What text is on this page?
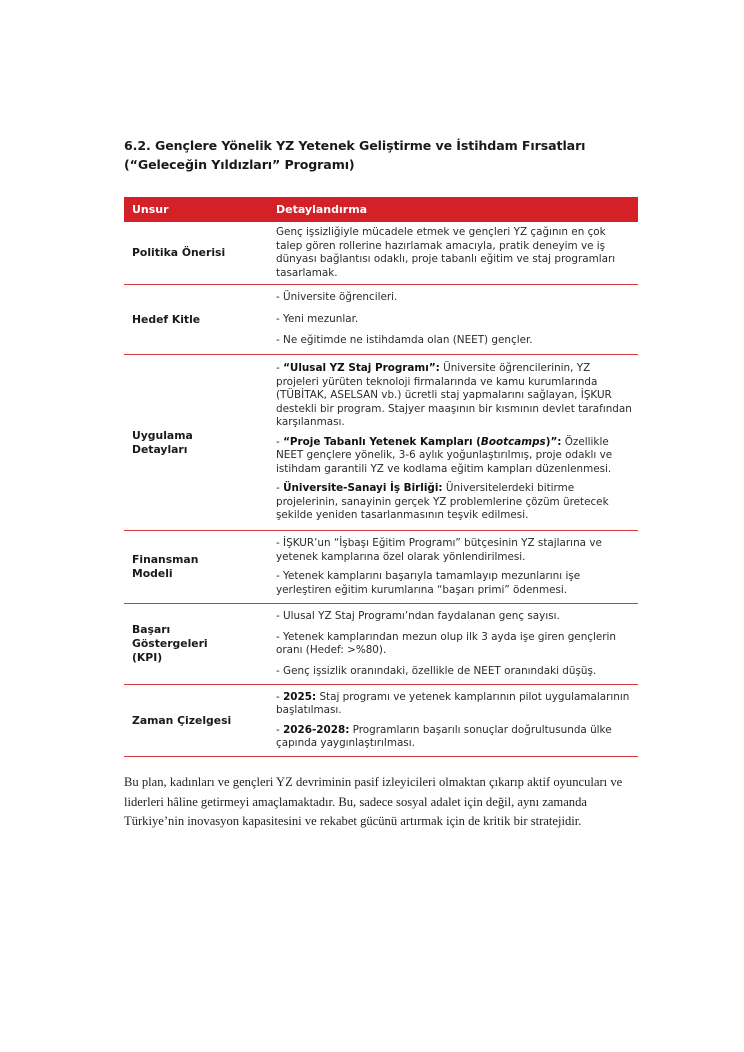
6.2. Gençlere Yönelik YZ Yetenek Geliştirme ve İstihdam Fırsatları (“Geleceğin Yıldızları” Programı)
Unsur	Detaylandırma
Politika Önerisi	Genç işsizliğiyle mücadele etmek ve gençleri YZ çağının en çok talep gören rollerine hazırlamak amacıyla, pratik deneyim ve iş dünyası bağlantısı odaklı, proje tabanlı eğitim ve staj programları tasarlamak.

Hedef Kitle	- Üniversite öğrencileri.
- Yeni mezunlar.
- Ne eğitimde ne istihdamda olan (NEET) gençler.

Uygulama Detayları	- “Ulusal YZ Staj Programı”: Üniversite öğrencilerinin, YZ projeleri yürüten teknoloji firmalarında ve kamu kurumlarında (TÜBİTAK, ASELSAN vb.) ücretli staj yapmalarını sağlayan, İŞKUR destekli bir program. Stajyer maaşının bir kısmının devlet tarafından karşılanması.
- “Proje Tabanlı Yetenek Kampları (Bootcamps)”: Özellikle NEET gençlere yönelik, 3-6 aylık yoğunlaştırılmış, proje odaklı ve istihdam garantili YZ ve kodlama eğitim kampları düzenlenmesi.
- Üniversite-Sanayi İş Birliği: Üniversitelerdeki bitirme projelerinin, sanayinin gerçek YZ problemlerine çözüm üretecek şekilde yeniden tasarlanmasının teşvik edilmesi.

Finansman Modeli	- İŞKUR’un “İşbaşı Eğitim Programı” bütçesinin YZ stajlarına ve yetenek kamplarına özel olarak yönlendirilmesi.
- Yetenek kamplarını başarıyla tamamlayıp mezunlarını işe yerleştiren eğitim kurumlarına “başarı primi” ödenmesi.

Başarı Göstergeleri (KPI)	- Ulusal YZ Staj Programı’ndan faydalanan genç sayısı.
- Yetenek kamplarından mezun olup ilk 3 ayda işe giren gençlerin oranı (Hedef: >%80).
- Genç işsizlik oranındaki, özellikle de NEET oranındaki düşüş.

Zaman Çizelgesi	- 2025: Staj programı ve yetenek kamplarının pilot uygulamalarının başlatılması.
- 2026-2028: Programların başarılı sonuçlar doğrultusunda ülke çapında yaygınlaştırılması.

Bu plan, kadınları ve gençleri YZ devriminin pasif izleyicileri olmaktan çıkarıp aktif oyuncuları ve liderleri hâline getirmeyi amaçlamaktadır. Bu, sadece sosyal adalet için değil, aynı zamanda Türkiye’nin inovasyon kapasitesini ve rekabet gücünü artırmak için de kritik bir stratejidir.
